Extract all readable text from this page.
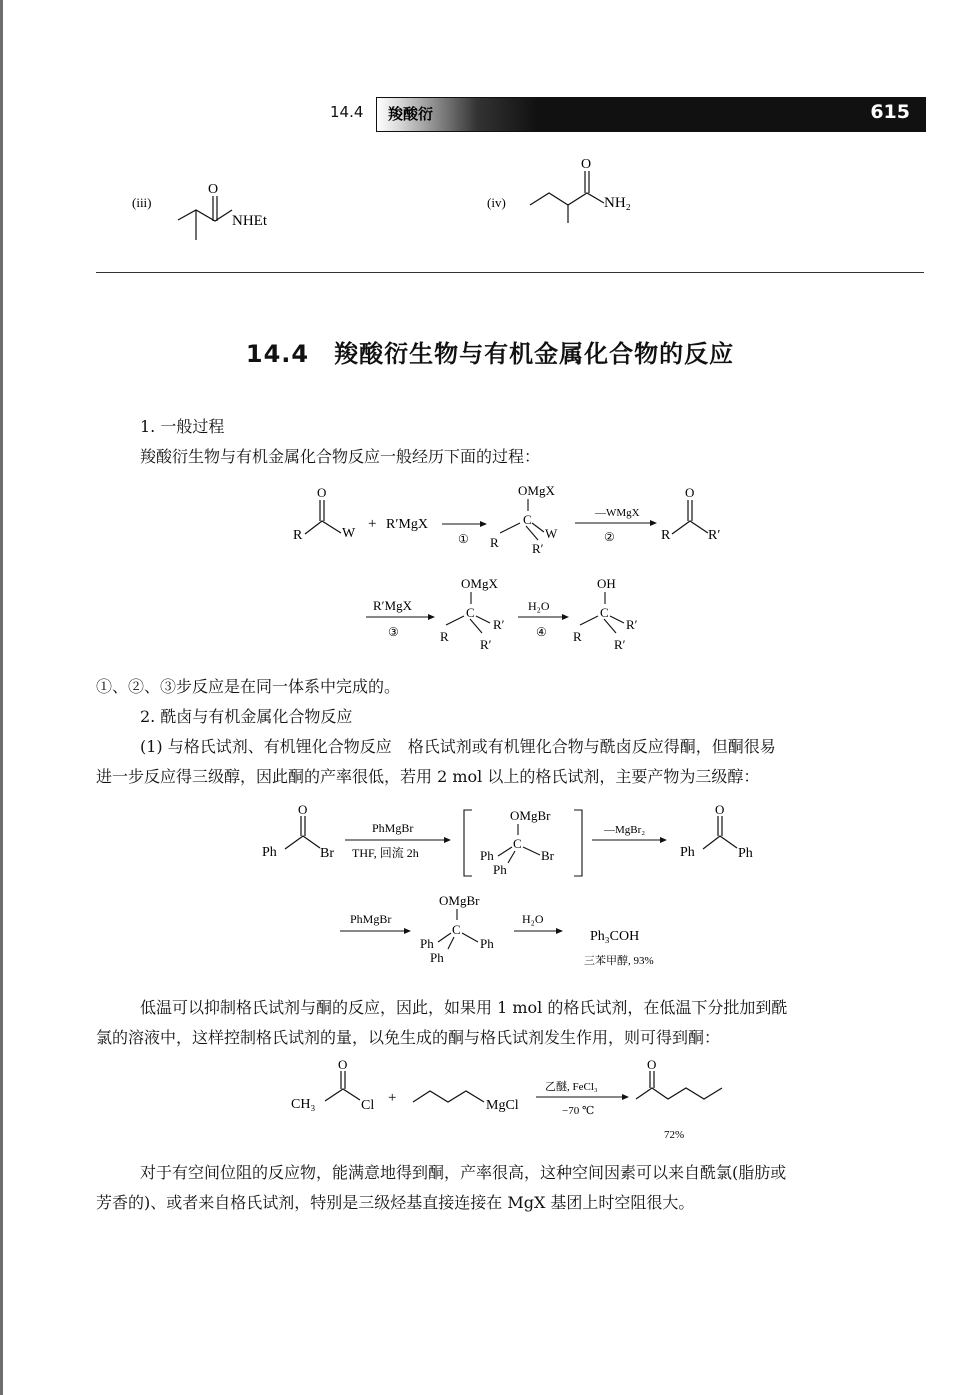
14.4 羧酸衍	615
(iii)
O
NHEt
(iv)
O
NH₂
14.4　羧酸衍生物与有机金属化合物的反应
1. 一般过程
羧酸衍生物与有机金属化合物反应一般经历下面的过程：
R
O
W
+ R′MgX
①
OMgX
C
R
W
R′
—WMgX
②	R
O
R′
R′MgX
③
OMgX
C
R
R′
R′
H₂O
④
OH
C
R
R′
R′
①、②、③步反应是在同一体系中完成的。
2. 酰卤与有机金属化合物反应
(1) 与格氏试剂、有机锂化合物反应　格氏试剂或有机锂化合物与酰卤反应得酮，但酮很易
进一步反应得三级醇，因此酮的产率很低，若用 2 mol 以上的格氏试剂，主要产物为三级醇：
Ph
O
Br
PhMgBr
THF, 回流 2h
OMgBr
C
Ph	Br
Ph
—MgBr₂
Ph
O
Ph
PhMgBr
OMgBr
C
Ph	Ph
Ph
H₂O
Ph₃COH
三苯甲醇, 93%
低温可以抑制格氏试剂与酮的反应，因此，如果用 1 mol 的格氏试剂，在低温下分批加到酰
氯的溶液中，这样控制格氏试剂的量，以免生成的酮与格氏试剂发生作用，则可得到酮：
CH₃
O
Cl +	MgCl
乙醚, FeCl₃
−70 ℃
O
72%
对于有空间位阻的反应物，能满意地得到酮，产率很高，这种空间因素可以来自酰氯(脂肪或
芳香的)、或者来自格氏试剂，特别是三级烃基直接连接在 MgX 基团上时空阻很大。
